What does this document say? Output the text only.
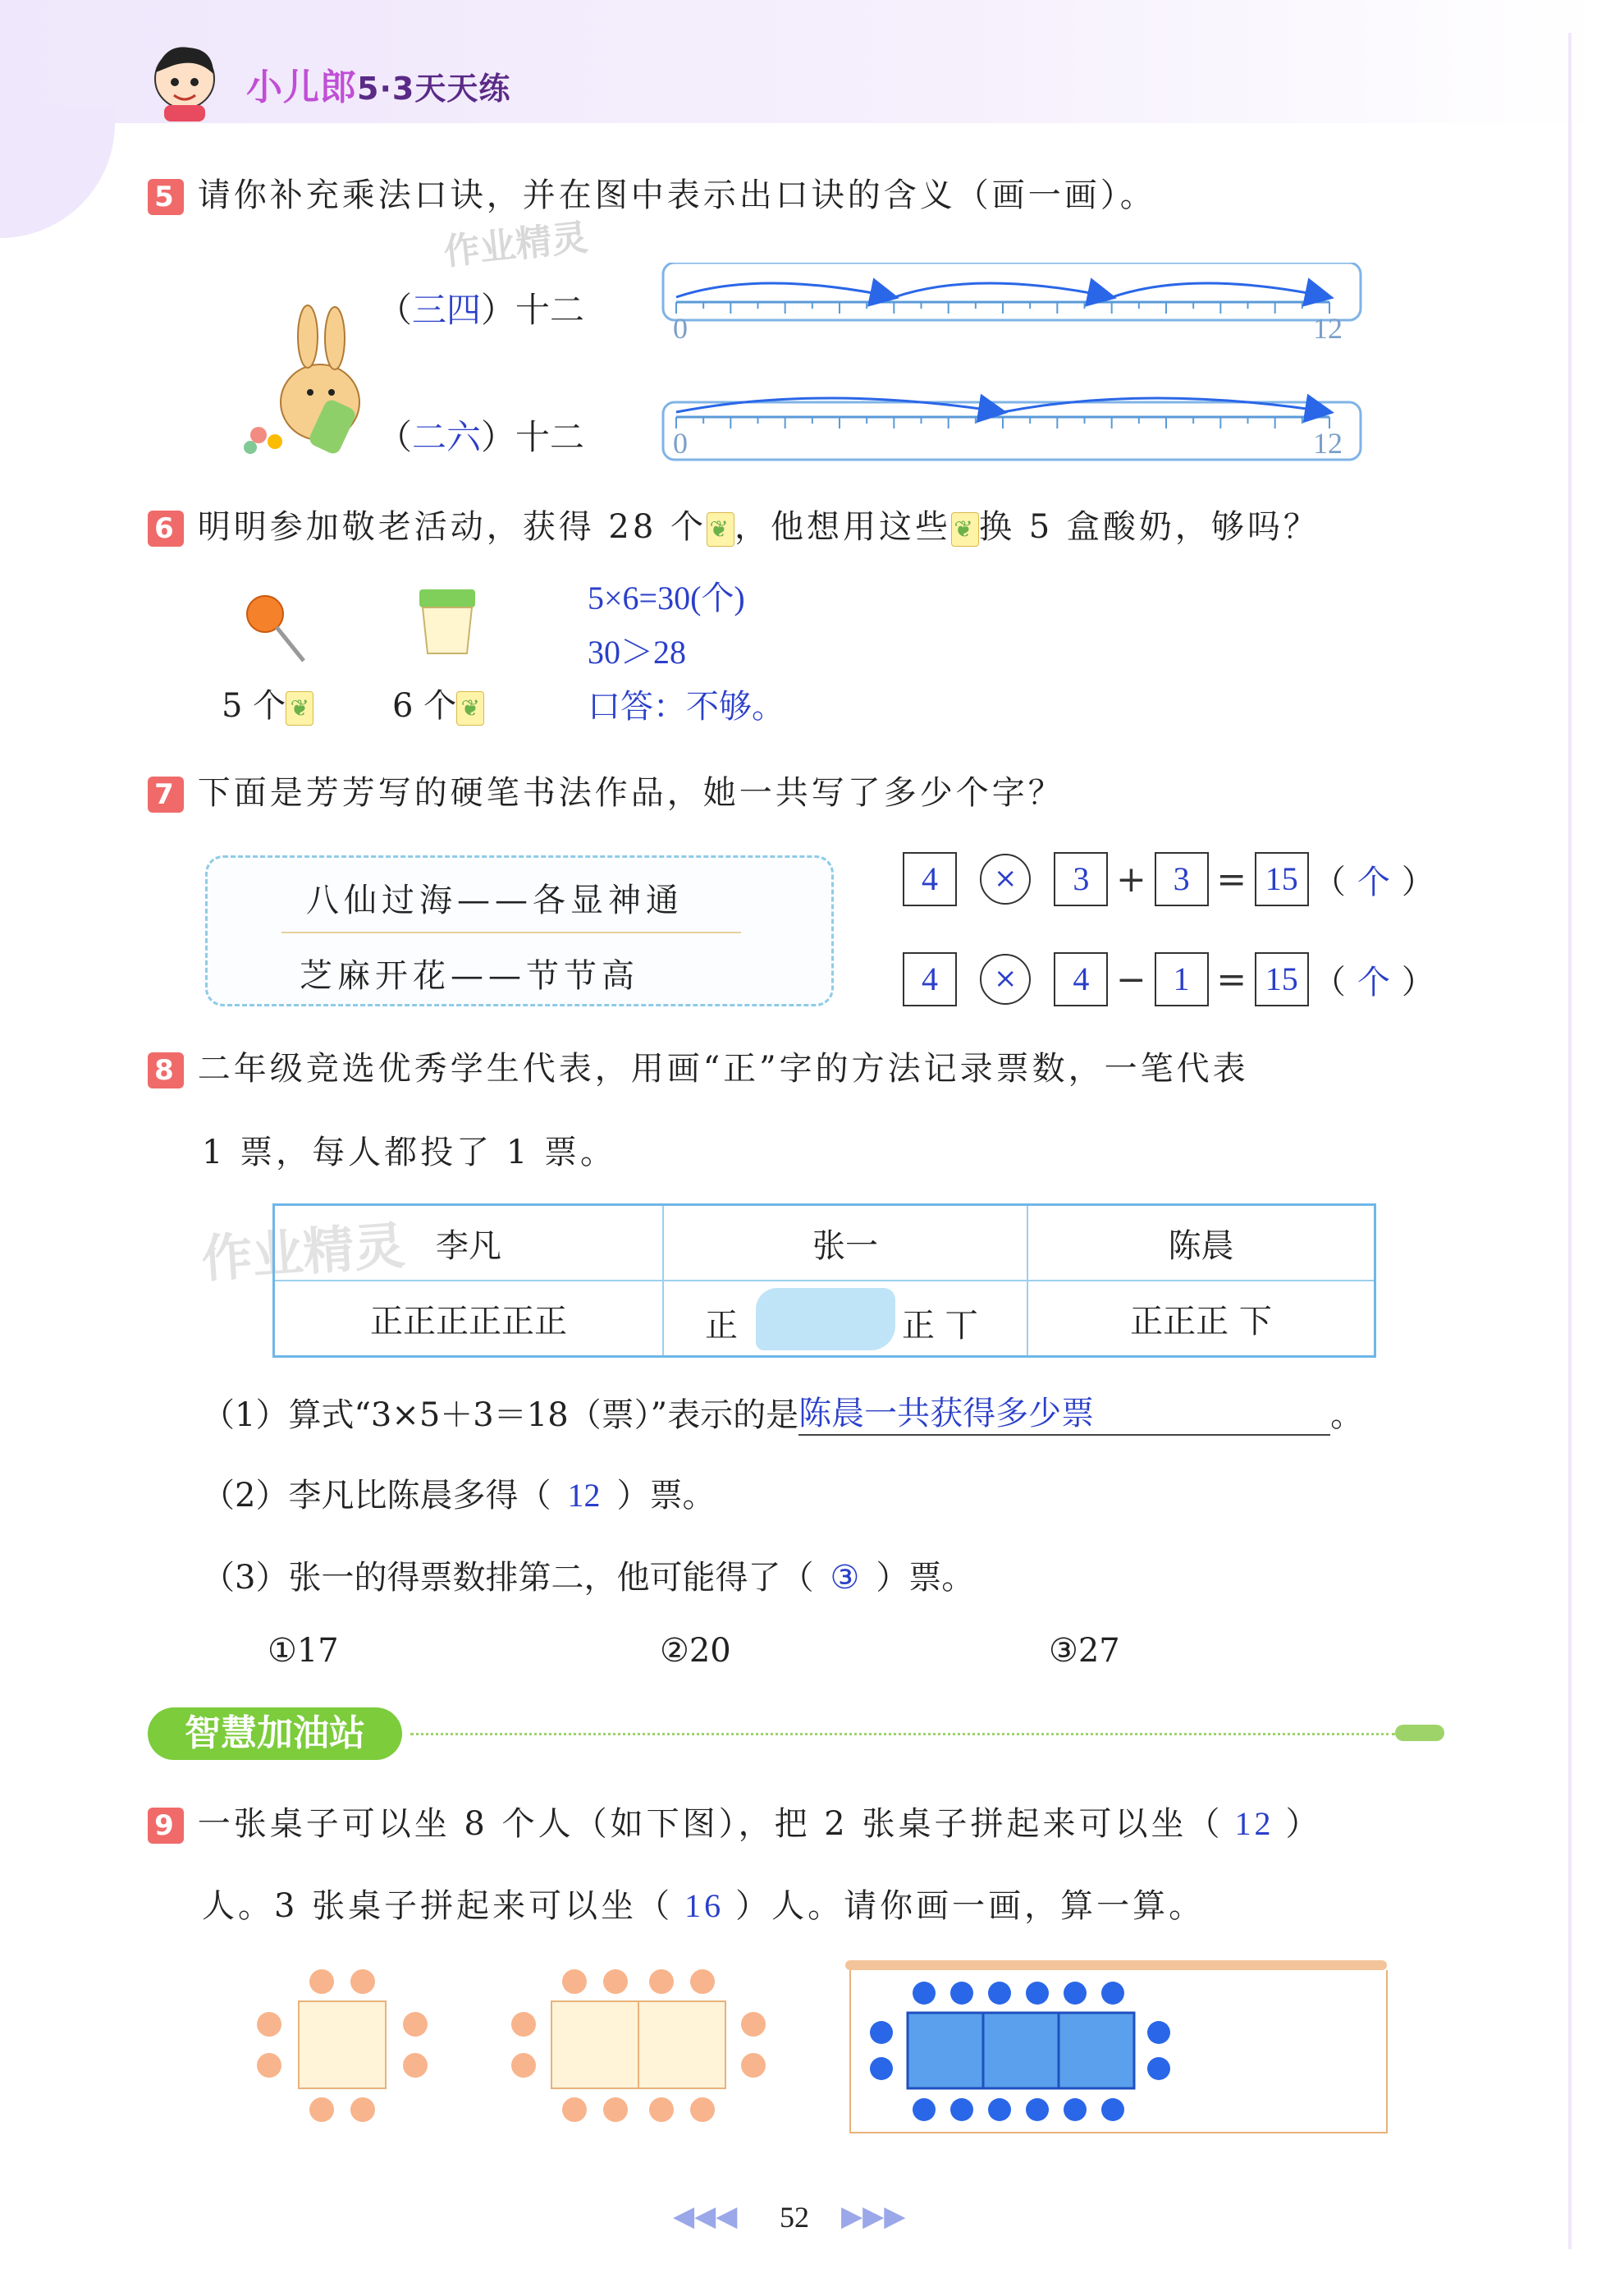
小儿郎5·3天天练
5 请你补充乘法口诀，并在图中表示出口诀的含义（画一画）。
作业精灵
（三四）十二
（二六）十二
0	12
0	12
6 明明参加敬老活动，获得 28 个 ❦，他想用这些 ❦换 5 盒酸奶，够吗？
5 个 ❦	6 个 ❦
5×6=30(个)
30＞28
口答：不够。
7 下面是芳芳写的硬笔书法作品，她一共写了多少个字？
八仙过海——各显神通
芝麻开花——节节高
4 × 3 + 3 = 15 （ 个 ）
4 × 4 − 1 = 15 （ 个 ）
8 二年级竞选优秀学生代表，用画“正”字的方法记录票数，一笔代表
1 票，每人都投了 1 票。
作业精灵 李凡	张一	陈晨
正正正正正正	正 正 丅	正正正 下
（1）算式“3×5＋3＝18（票）”表示的是陈晨一共获得多少票	。
（2）李凡比陈晨多得（ 12 ）票。
（3）张一的得票数排第二，他可能得了（ ③ ）票。
①17	②20	③27
智慧加油站
9 一张桌子可以坐 8 个人（如下图），把 2 张桌子拼起来可以坐（ 12 ）
人。3 张桌子拼起来可以坐（ 16 ）人。请你画一画，算一算。
◀◀◀ 52 ▶▶▶
